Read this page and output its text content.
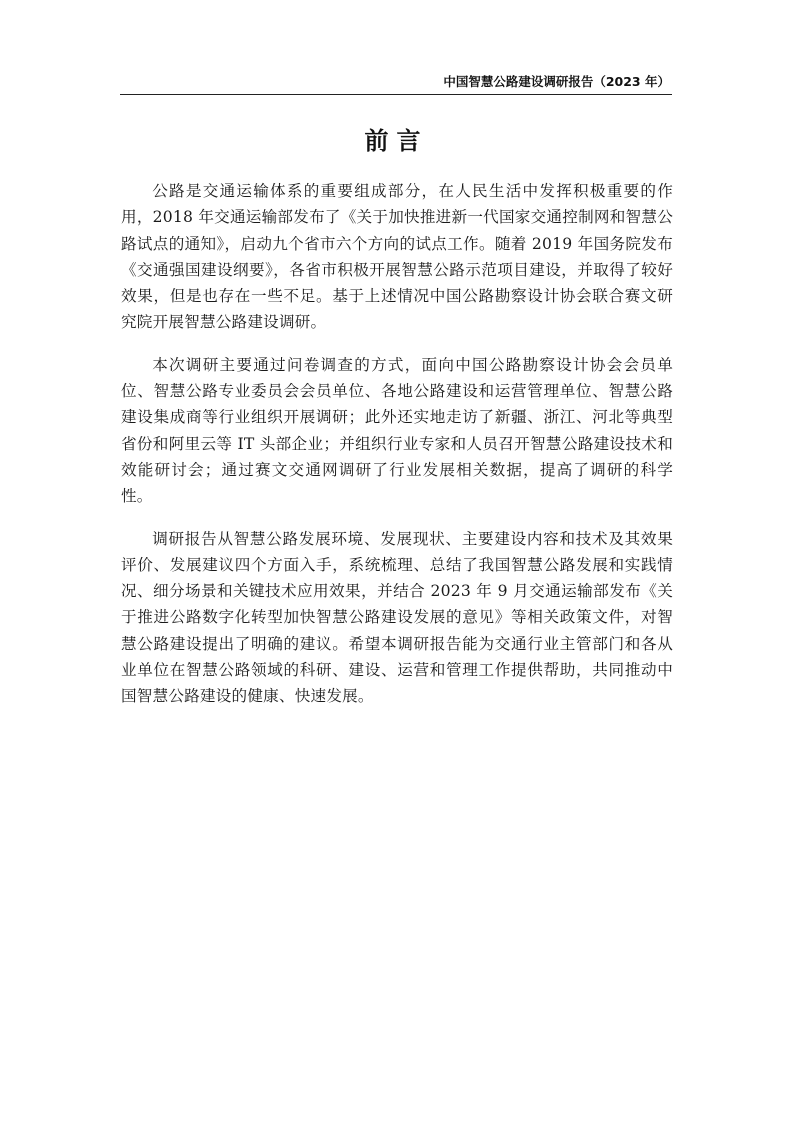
中国智慧公路建设调研报告（2023 年）
前言

公路是交通运输体系的重要组成部分，在人民生活中发挥积极重要的作用，2018 年交通运输部发布了《关于加快推进新一代国家交通控制网和智慧公路试点的通知》，启动九个省市六个方向的试点工作。随着 2019 年国务院发布《交通强国建设纲要》，各省市积极开展智慧公路示范项目建设，并取得了较好效果，但是也存在一些不足。基于上述情况中国公路勘察设计协会联合赛文研究院开展智慧公路建设调研。

本次调研主要通过问卷调查的方式，面向中国公路勘察设计协会会员单位、智慧公路专业委员会会员单位、各地公路建设和运营管理单位、智慧公路建设集成商等行业组织开展调研；此外还实地走访了新疆、浙江、河北等典型省份和阿里云等 IT 头部企业；并组织行业专家和人员召开智慧公路建设技术和效能研讨会；通过赛文交通网调研了行业发展相关数据，提高了调研的科学性。

调研报告从智慧公路发展环境、发展现状、主要建设内容和技术及其效果评价、发展建议四个方面入手，系统梳理、总结了我国智慧公路发展和实践情况、细分场景和关键技术应用效果，并结合 2023 年 9 月交通运输部发布《关于推进公路数字化转型加快智慧公路建设发展的意见》等相关政策文件，对智慧公路建设提出了明确的建议。希望本调研报告能为交通行业主管部门和各从业单位在智慧公路领域的科研、建设、运营和管理工作提供帮助，共同推动中国智慧公路建设的健康、快速发展。
